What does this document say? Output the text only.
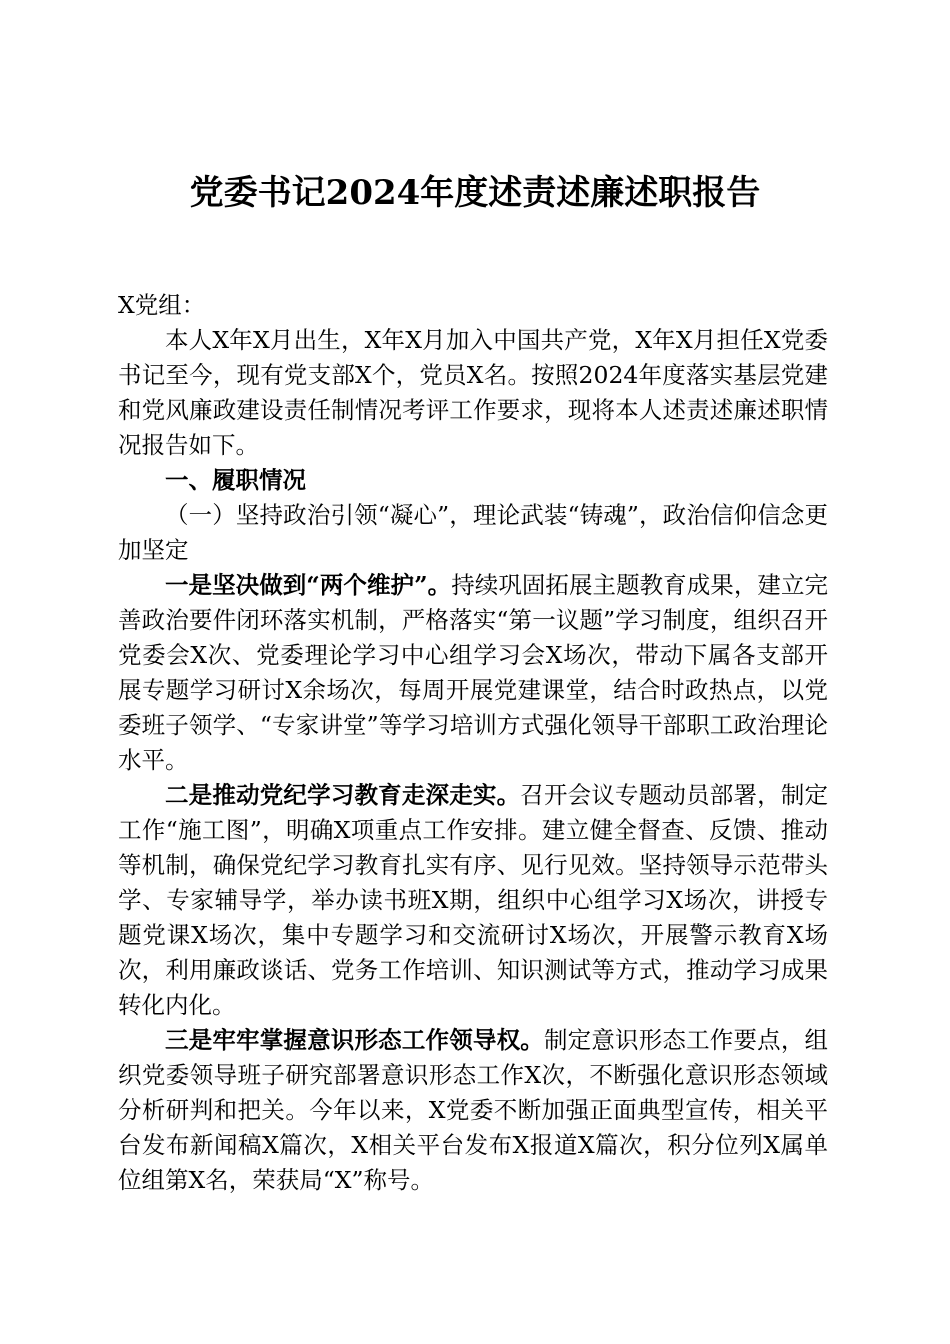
党委书记2024年度述责述廉述职报告

X党组：

本人X年X月出生，X年X月加入中国共产党，X年X月担任X党委书记至今，现有党支部X个，党员X名。按照2024年度落实基层党建和党风廉政建设责任制情况考评工作要求，现将本人述责述廉述职情况报告如下。

一、履职情况

（一）坚持政治引领“凝心”，理论武装“铸魂”，政治信仰信念更加坚定

一是坚决做到“两个维护”。持续巩固拓展主题教育成果，建立完善政治要件闭环落实机制，严格落实“第一议题”学习制度，组织召开党委会X次、党委理论学习中心组学习会X场次，带动下属各支部开展专题学习研讨X余场次，每周开展党建课堂，结合时政热点，以党委班子领学、“专家讲堂”等学习培训方式强化领导干部职工政治理论水平。

二是推动党纪学习教育走深走实。召开会议专题动员部署，制定工作“施工图”，明确X项重点工作安排。建立健全督查、反馈、推动等机制，确保党纪学习教育扎实有序、见行见效。坚持领导示范带头学、专家辅导学，举办读书班X期，组织中心组学习X场次，讲授专题党课X场次，集中专题学习和交流研讨X场次，开展警示教育X场次，利用廉政谈话、党务工作培训、知识测试等方式，推动学习成果转化内化。

三是牢牢掌握意识形态工作领导权。制定意识形态工作要点，组织党委领导班子研究部署意识形态工作X次，不断强化意识形态领域分析研判和把关。今年以来，X党委不断加强正面典型宣传，相关平台发布新闻稿X篇次，X相关平台发布X报道X篇次，积分位列X属单位组第X名，荣获局“X”称号。
